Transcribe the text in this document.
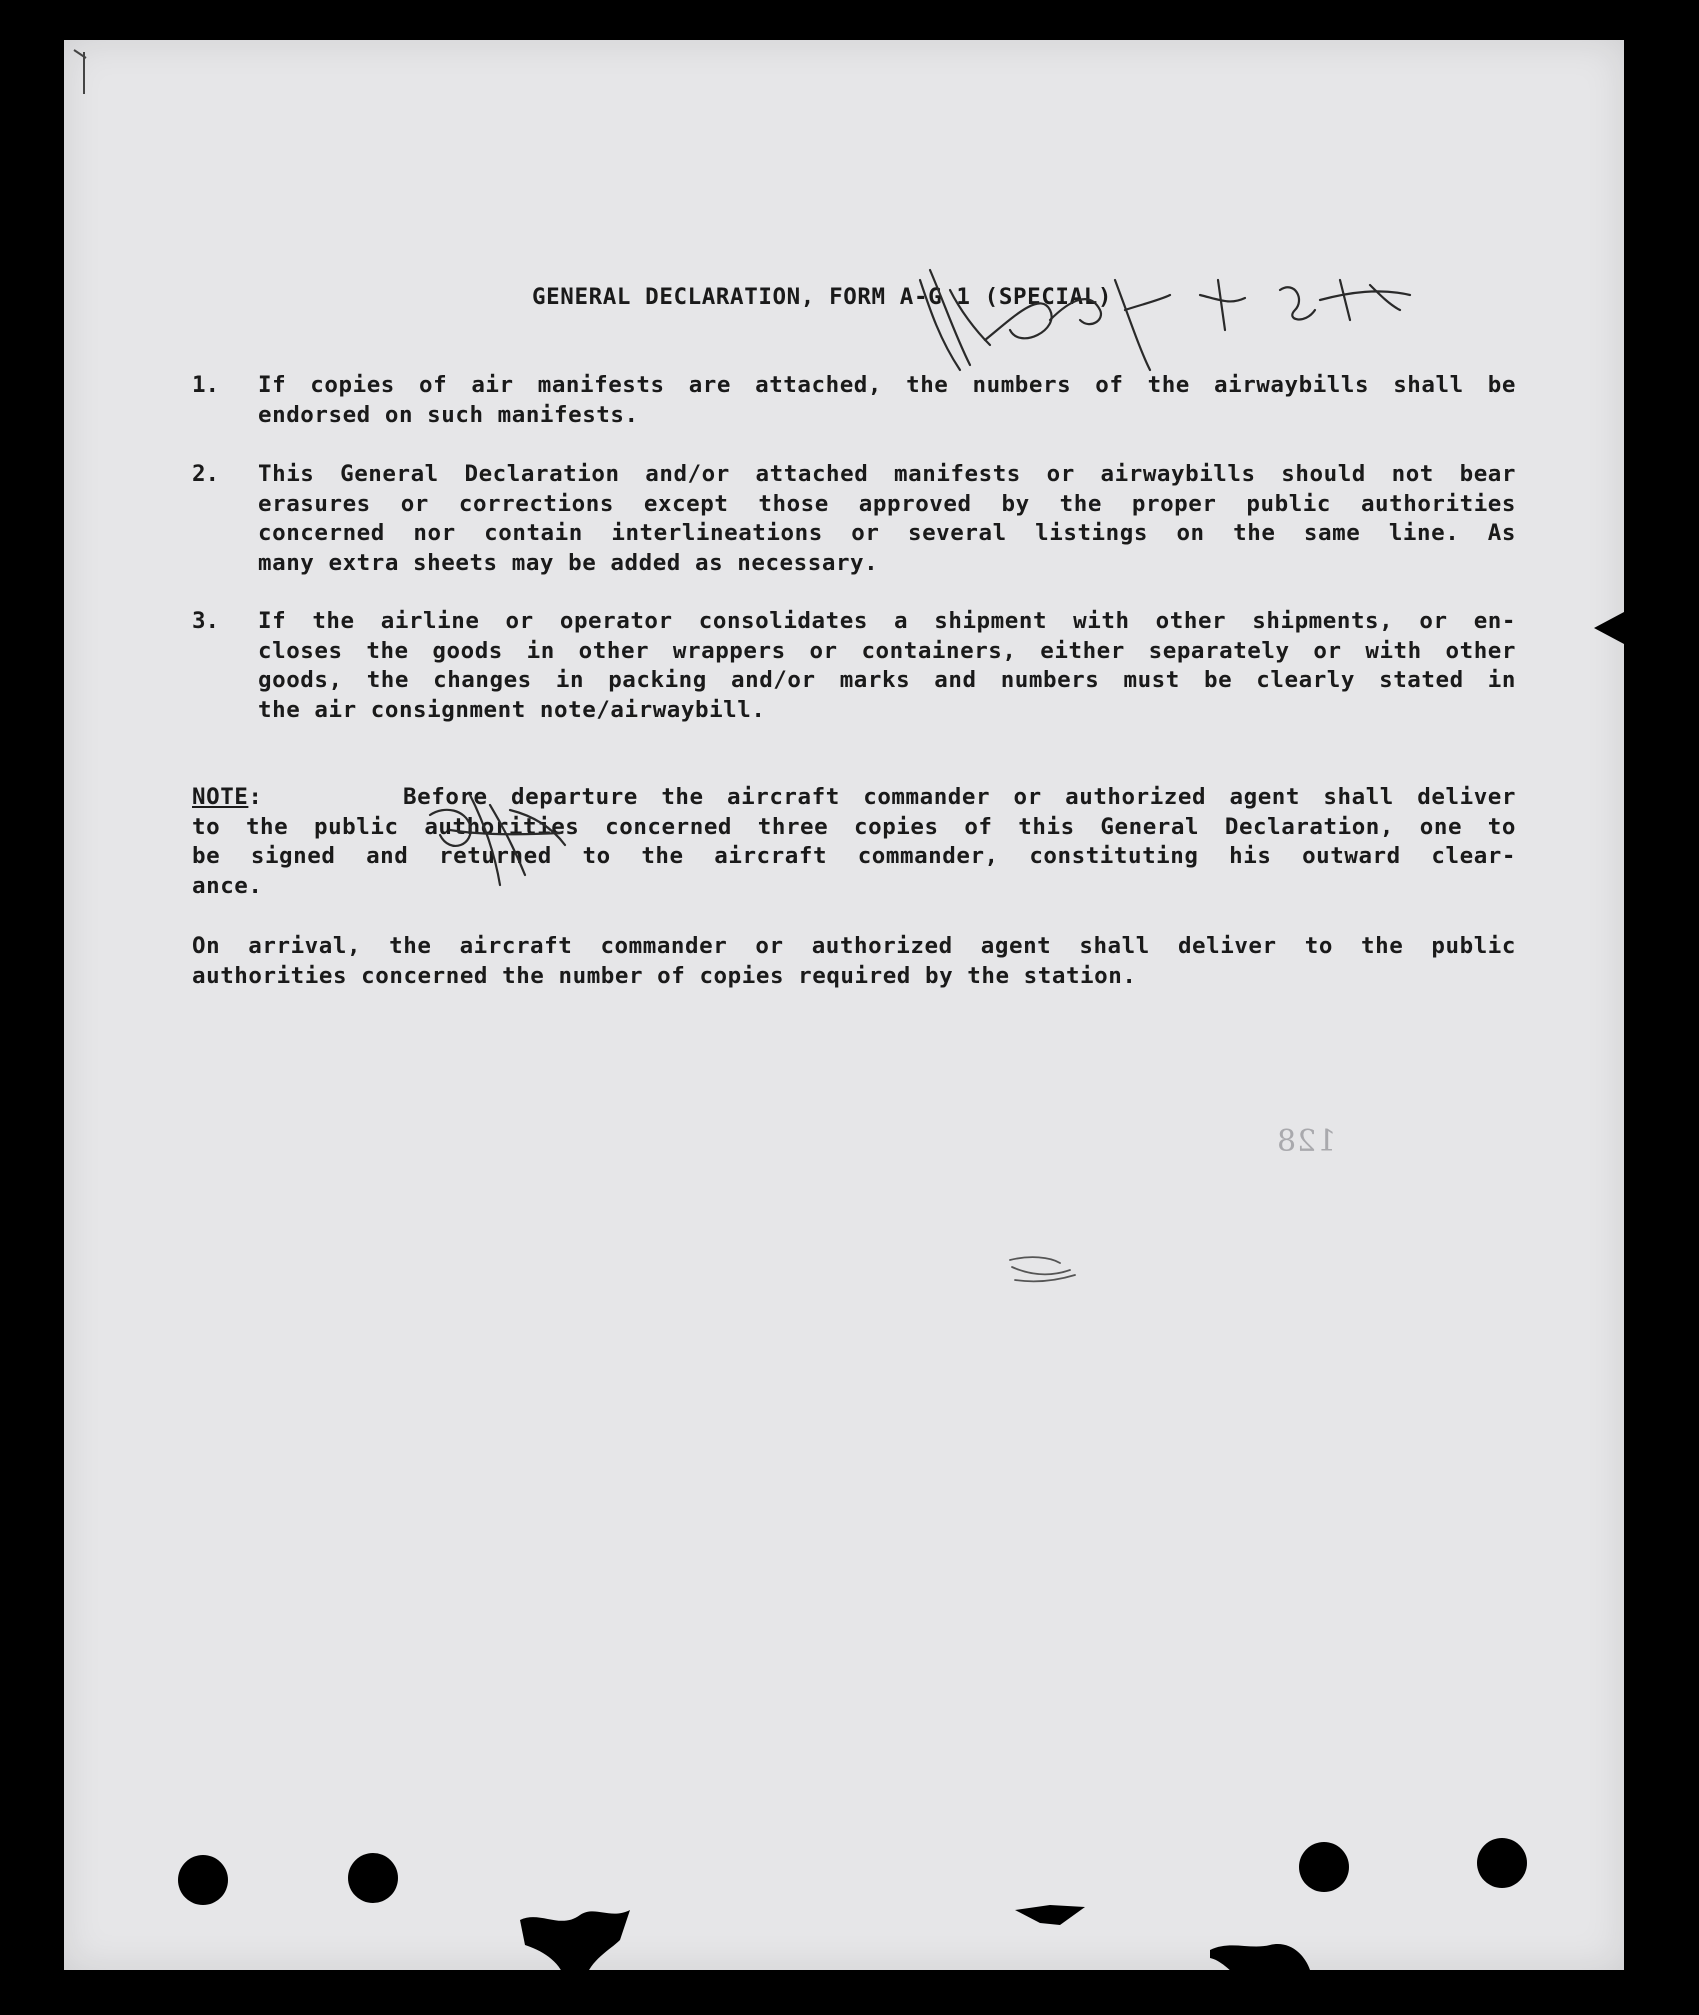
GENERAL DECLARATION, FORM A-G 1 (SPECIAL)
1. If copies of air manifests are attached, the numbers of the airwaybills shall be
endorsed on such manifests.
2. This General Declaration and/or attached manifests or airwaybills should not bear
erasures or corrections except those approved by the proper public authorities
concerned nor contain interlineations or several listings on the same line. As
many extra sheets may be added as necessary.
3. If the airline or operator consolidates a shipment with other shipments, or en-
closes the goods in other wrappers or containers, either separately or with other
goods, the changes in packing and/or marks and numbers must be clearly stated in
the air consignment note/airwaybill.
NOTE:      Before departure the aircraft commander or authorized agent shall deliver
to the public authorities concerned three copies of this General Declaration, one to
be signed and returned to the aircraft commander, constituting his outward clear-
ance.
On arrival, the aircraft commander or authorized agent shall deliver to the public
authorities concerned the number of copies required by the station.
128
